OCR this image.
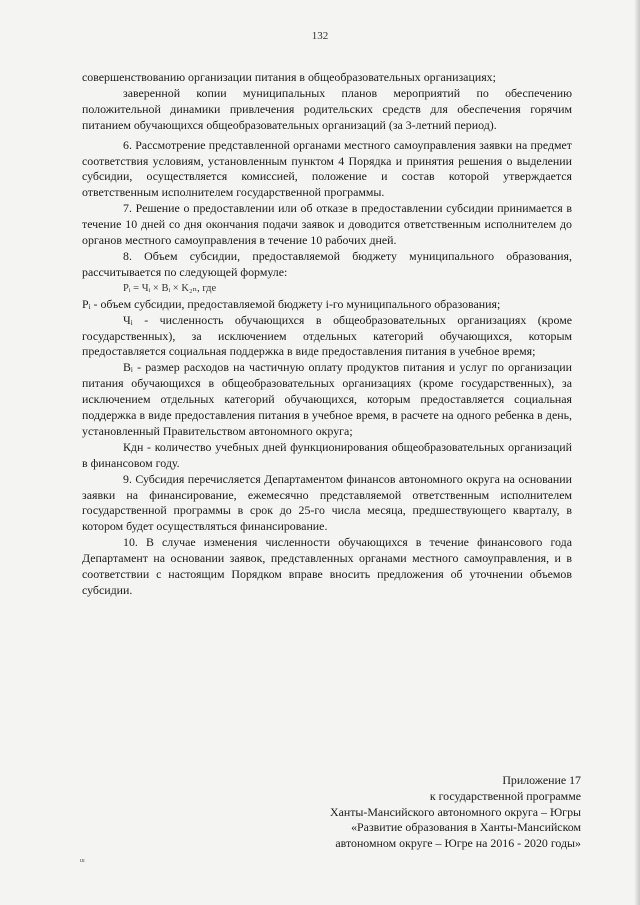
132

совершенствованию организации питания в общеобразовательных организациях;

заверенной копии муниципальных планов мероприятий по обеспечению положительной динамики привлечения родительских средств для обеспечения горячим питанием обучающихся общеобразовательных организаций (за 3-летний период).

6. Рассмотрение представленной органами местного самоуправления заявки на предмет соответствия условиям, установленным пунктом 4 Порядка и принятия решения о выделении субсидии, осуществляется комиссией, положение и состав которой утверждается ответственным исполнителем государственной программы.

7. Решение о предоставлении или об отказе в предоставлении субсидии принимается в течение 10 дней со дня окончания подачи заявок и доводится ответственным исполнителем до органов местного самоуправления в течение 10 рабочих дней.

8. Объем субсидии, предоставляемой бюджету муниципального образования, рассчитывается по следующей формуле:

Pᵢ = Чᵢ × Bᵢ × K₂ₙ, где

Pᵢ - объем субсидии, предоставляемой бюджету i-го муниципального образования;

Чᵢ - численность обучающихся в общеобразовательных организациях (кроме государственных), за исключением отдельных категорий обучающихся, которым предоставляется социальная поддержка в виде предоставления питания в учебное время;

Bᵢ - размер расходов на частичную оплату продуктов питания и услуг по организации питания обучающихся в общеобразовательных организациях (кроме государственных), за исключением отдельных категорий обучающихся, которым предоставляется социальная поддержка в виде предоставления питания в учебное время, в расчете на одного ребенка в день, установленный Правительством автономного округа;

Кдн - количество учебных дней функционирования общеобразовательных организаций в финансовом году.

9. Субсидия перечисляется Департаментом финансов автономного округа на основании заявки на финансирование, ежемесячно представляемой ответственным исполнителем государственной программы в срок до 25-го числа месяца, предшествующего кварталу, в котором будет осуществляться финансирование.

10. В случае изменения численности обучающихся в течение финансового года Департамент на основании заявок, представленных органами местного самоуправления, и в соответствии с настоящим Порядком вправе вносить предложения об уточнении объемов субсидии.

Приложение 17
к государственной программе
Ханты-Мансийского автономного округа – Югры
«Развитие образования в Ханты-Мансийском
автономном округе – Югре на 2016 - 2020 годы»
ш
